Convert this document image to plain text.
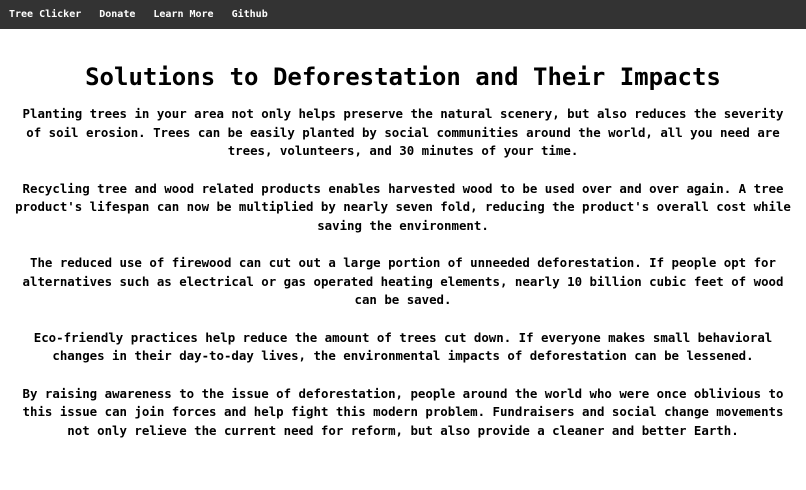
Tree Clicker Donate Learn More Github
Solutions to Deforestation and Their Impacts

Planting trees in your area not only helps preserve the natural scenery, but also reduces the severity of soil erosion. Trees can be easily planted by social communities around the world, all you need are trees, volunteers, and 30 minutes of your time.

Recycling tree and wood related products enables harvested wood to be used over and over again. A tree product's lifespan can now be multiplied by nearly seven fold, reducing the product's overall cost while saving the environment.

The reduced use of firewood can cut out a large portion of unneeded deforestation. If people opt for alternatives such as electrical or gas operated heating elements, nearly 10 billion cubic feet of wood can be saved.

Eco-friendly practices help reduce the amount of trees cut down. If everyone makes small behavioral changes in their day-to-day lives, the environmental impacts of deforestation can be lessened.

By raising awareness to the issue of deforestation, people around the world who were once oblivious to this issue can join forces and help fight this modern problem. Fundraisers and social change movements not only relieve the current need for reform, but also provide a cleaner and better Earth.
